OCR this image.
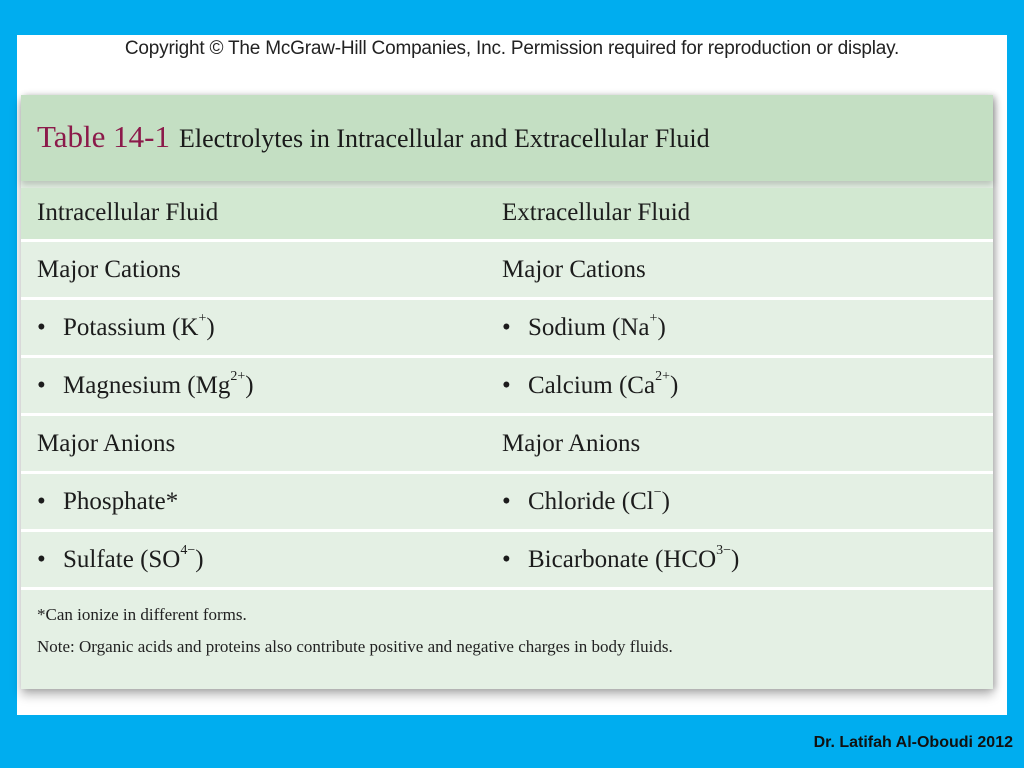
Copyright © The McGraw-Hill Companies, Inc. Permission required for reproduction or display.
Table 14-1 Electrolytes in Intracellular and Extracellular Fluid
Intracellular Fluid	Extracellular Fluid
Major Cations	Major Cations
• Potassium (K+)	• Sodium (Na+)
• Magnesium $(Mg^{2+})$	• Calcium $(Ca^{2+})$
Major Anions	Major Anions
• Phosphate*	• Chloride (Cl−)
• Sulfate $(SO^{4-})$	• Bicarbonate $(HCO^{3-})$
*Can ionize in different forms.
Note: Organic acids and proteins also contribute positive and negative charges in body fluids.
Dr. Latifah Al-Oboudi 2012
